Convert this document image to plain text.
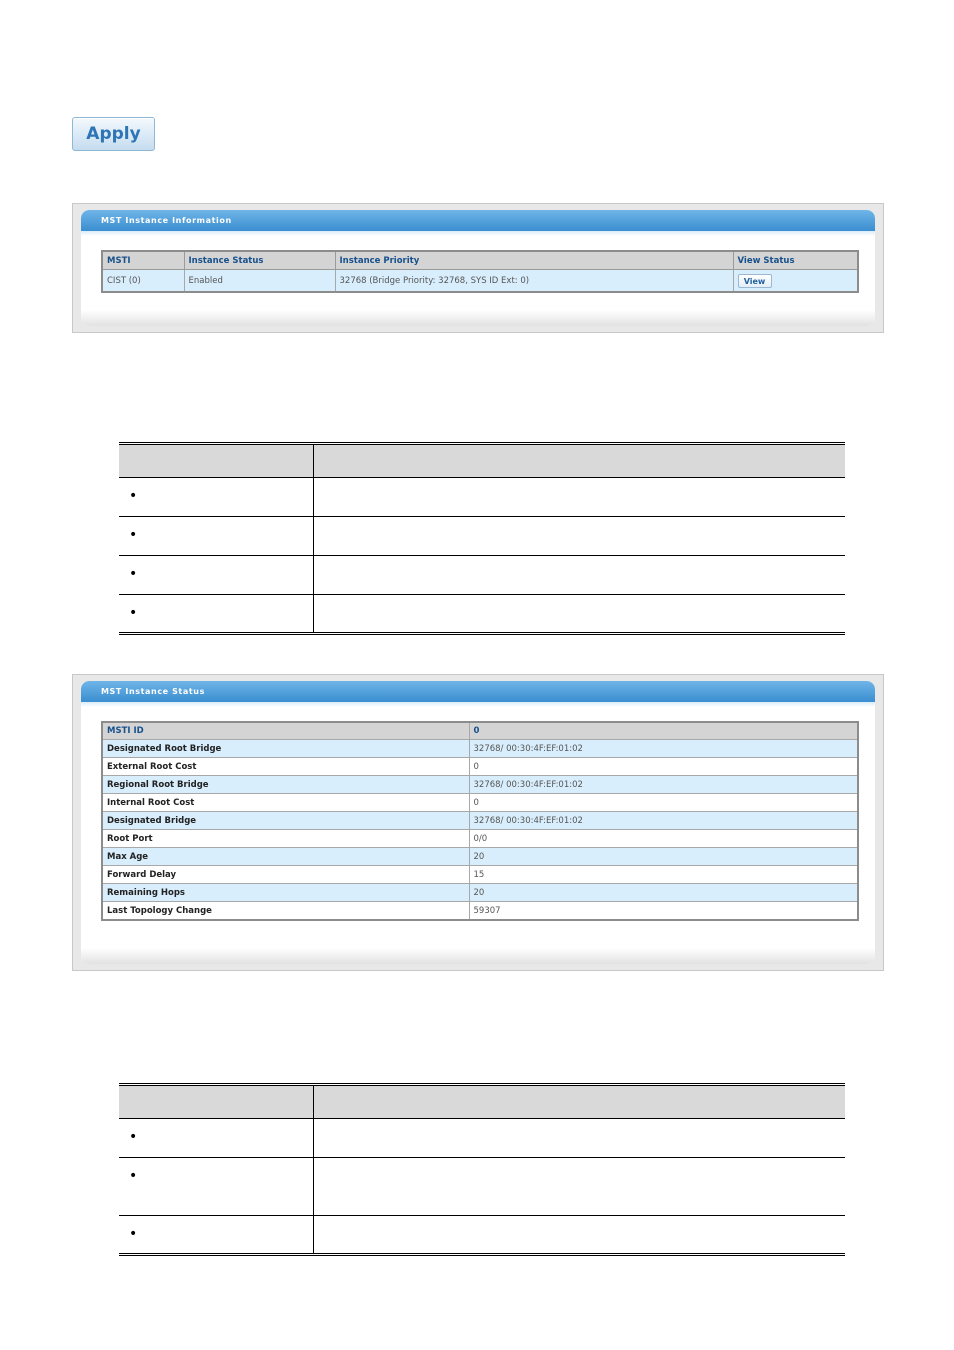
Apply
MST Instance Information
MSTI	Instance Status	Instance Priority	View Status
CIST (0)	Enabled	32768 (Bridge Priority: 32768, SYS ID Ext: 0)	View

•	
•	
•	
•	
MST Instance Status
MSTI ID	0
Designated Root Bridge	32768/ 00:30:4F:EF:01:02
External Root Cost	0
Regional Root Bridge	32768/ 00:30:4F:EF:01:02
Internal Root Cost	0
Designated Bridge	32768/ 00:30:4F:EF:01:02
Root Port	0/0
Max Age	20
Forward Delay	15
Remaining Hops	20
Last Topology Change	59307

•	
•	
•	
